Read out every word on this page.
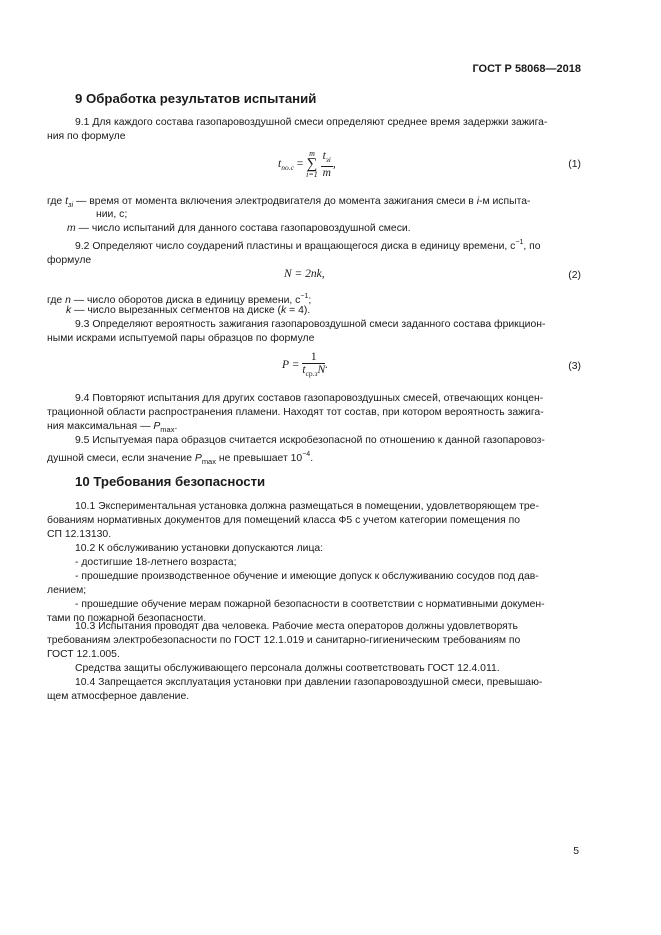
ГОСТ Р 58068—2018
9 Обработка результатов испытаний
9.1 Для каждого состава газопаровоздушной смеси определяют среднее время задержки зажига-
ния по формуле
$t_{по.с}$ =
m
∑
i=1
$\frac{t_{зi}}{m}$ ,	(1)
где $t_{зi}$ — время от момента включения электродвигателя до момента зажигания смеси в i-м испыта-
нии, с;
m — число испытаний для данного состава газопаровоздушной смеси.
9.2 Определяют число соударений пластины и вращающегося диска в единицу времени, $с^{-1}$, по
формуле
N = 2nk,	(2)
где n — число оборотов диска в единицу времени, $с^{-1}$;
k — число вырезанных сегментов на диске (k = 4).
9.3 Определяют вероятность зажигания газопаровоздушной смеси заданного состава фрикцион-
ными искрами испытуемой пары образцов по формуле
$P = \frac{1}{t_{ср.з}N}$ .	(3)
9.4 Повторяют испытания для других составов газопаровоздушных смесей, отвечающих концен-
трационной области распространения пламени. Находят тот состав, при котором вероятность зажига-
ния максимальная — $P_{max}$.
9.5 Испытуемая пара образцов считается искробезопасной по отношению к данной газопаровоз-
душной смеси, если значение $P_{max}$ не превышает $10^{-4}$.
10 Требования безопасности
10.1 Экспериментальная установка должна размещаться в помещении, удовлетворяющем тре-
бованиям нормативных документов для помещений класса Ф5 с учетом категории помещения по
СП 12.13130.
10.2 К обслуживанию установки допускаются лица:
- достигшие 18-летнего возраста;
- прошедшие производственное обучение и имеющие допуск к обслуживанию сосудов под дав-
лением;
- прошедшие обучение мерам пожарной безопасности в соответствии с нормативными докумен-
тами по пожарной безопасности.
10.3 Испытания проводят два человека. Рабочие места операторов должны удовлетворять
требованиям электробезопасности по ГОСТ 12.1.019 и санитарно-гигиеническим требованиям по
ГОСТ 12.1.005.
Средства защиты обслуживающего персонала должны соответствовать ГОСТ 12.4.011.
10.4 Запрещается эксплуатация установки при давлении газопаровоздушной смеси, превышаю-
щем атмосферное давление.
5
